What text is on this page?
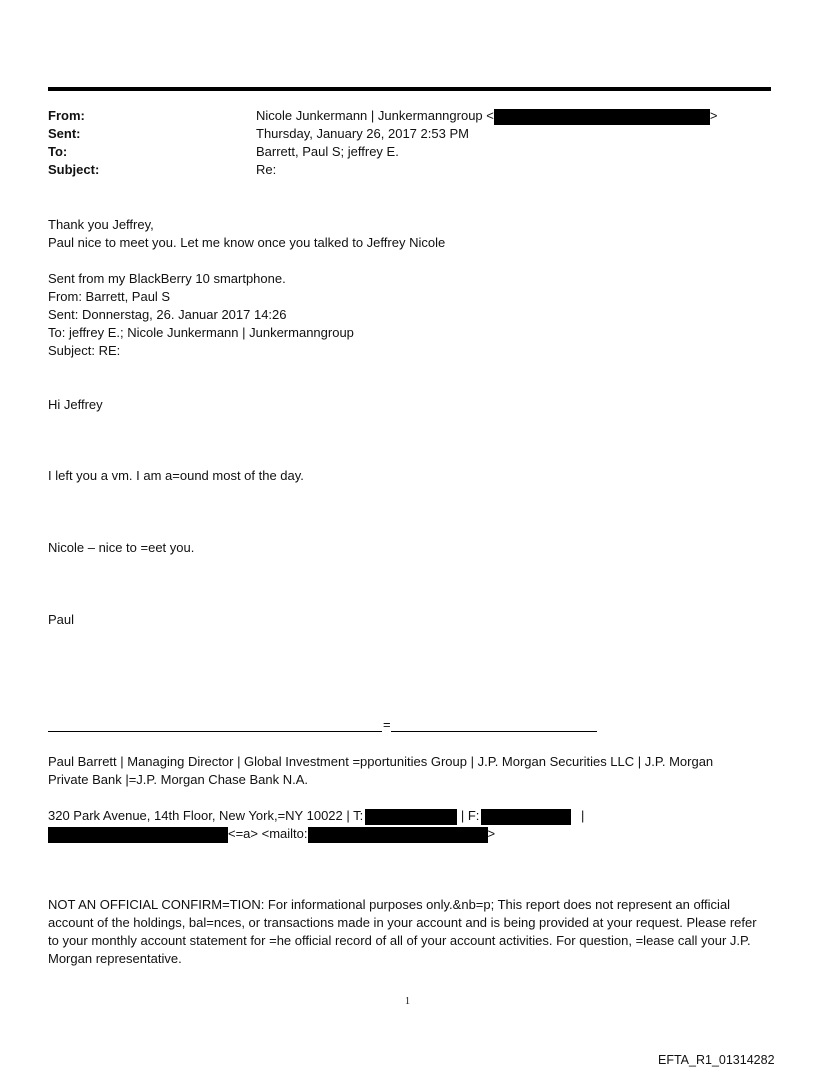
From:	Nicole Junkermann | Junkermanngroup <	>
Sent:	Thursday, January 26, 2017 2:53 PM
To:	Barrett, Paul S; jeffrey E.
Subject:	Re:
Thank you Jeffrey,
Paul nice to meet you. Let me know once you talked to Jeffrey Nicole
Sent from my BlackBerry 10 smartphone.
From: Barrett, Paul S
Sent: Donnerstag, 26. Januar 2017 14:26
To: jeffrey E.; Nicole Junkermann | Junkermanngroup
Subject: RE:
Hi Jeffrey
I left you a vm. I am a=ound most of the day.
Nicole – nice to =eet you.
Paul
=
Paul Barrett | Managing Director | Global Investment =pportunities Group | J.P. Morgan Securities LLC | J.P. Morgan
Private Bank |=J.P. Morgan Chase Bank N.A.
320 Park Avenue, 14th Floor, New York,=NY 10022 | T:	| F:	|
<=a> <mailto:	>
NOT AN OFFICIAL CONFIRM=TION: For informational purposes only.&nb=p; This report does not represent an official account of the holdings, bal=nces, or transactions made in your account and is being provided at your request. Please refer to your monthly account statement for =he official record of all of your account activities. For question, =lease call your J.P. Morgan representative.
1
EFTA_R1_01314282
